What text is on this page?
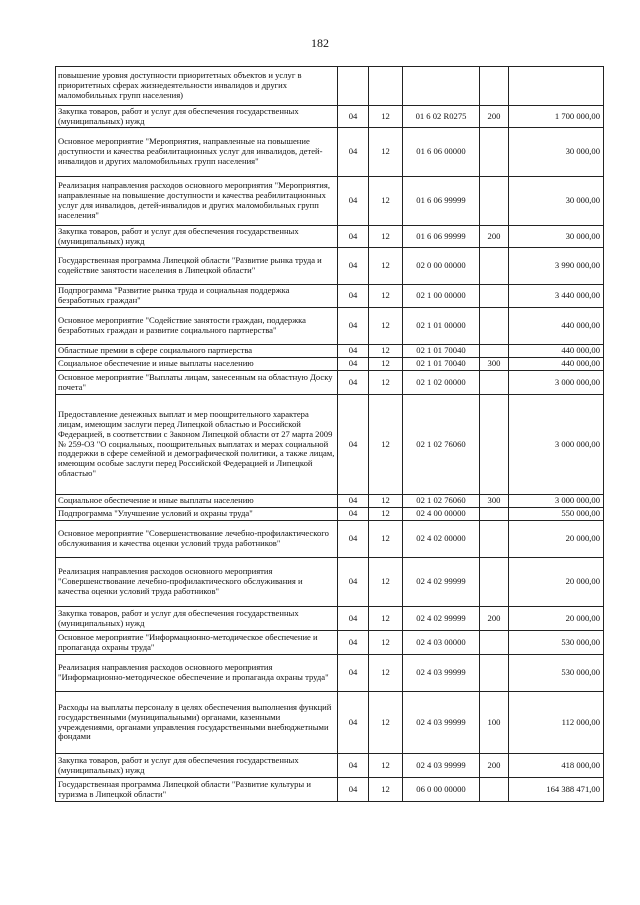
182
повышение уровня доступности приоритетных объектов и услуг в приоритетных сферах жизнедеятельности инвалидов и других маломобильных групп населения)					
Закупка товаров, работ и услуг для обеспечения государственных (муниципальных) нужд	04	12	01 6 02 R0275	200	1 700 000,00
Основное мероприятие "Мероприятия, направленные на повышение доступности и качества реабилитационных услуг для инвалидов, детей-инвалидов и других маломобильных групп населения"	04	12	01 6 06 00000		30 000,00
Реализация направления расходов основного мероприятия "Мероприятия, направленные на повышение доступности и качества реабилитационных услуг для инвалидов, детей-инвалидов и других маломобильных групп населения"	04	12	01 6 06 99999		30 000,00
Закупка товаров, работ и услуг для обеспечения государственных (муниципальных) нужд	04	12	01 6 06 99999	200	30 000,00
Государственная программа Липецкой области "Развитие рынка труда и содействие занятости населения в Липецкой области"	04	12	02 0 00 00000		3 990 000,00
Подпрограмма "Развитие рынка труда и социальная поддержка безработных граждан"	04	12	02 1 00 00000		3 440 000,00
Основное мероприятие "Содействие занятости граждан, поддержка безработных граждан и развитие социального партнерства"	04	12	02 1 01 00000		440 000,00
Областные премии в сфере социального партнерства	04	12	02 1 01 70040		440 000,00
Социальное обеспечение и иные выплаты населению	04	12	02 1 01 70040	300	440 000,00
Основное мероприятие "Выплаты лицам, занесенным на областную Доску почета"	04	12	02 1 02 00000		3 000 000,00
Предоставление денежных выплат и мер поощрительного характера лицам, имеющим заслуги перед Липецкой областью и Российской Федерацией, в соответствии с Законом Липецкой области от 27 марта 2009 № 259-ОЗ "О социальных, поощрительных выплатах и мерах социальной поддержки в сфере семейной и демографической политики, а также лицам, имеющим особые заслуги перед Российской Федерацией и Липецкой областью"	04	12	02 1 02 76060		3 000 000,00
Социальное обеспечение и иные выплаты населению	04	12	02 1 02 76060	300	3 000 000,00
Подпрограмма "Улучшение условий и охраны труда"	04	12	02 4 00 00000		550 000,00
Основное мероприятие "Совершенствование лечебно-профилактического обслуживания и качества оценки условий труда работников"	04	12	02 4 02 00000		20 000,00
Реализация направления расходов основного мероприятия "Совершенствование лечебно-профилактического обслуживания и качества оценки условий труда работников"	04	12	02 4 02 99999		20 000,00
Закупка товаров, работ и услуг для обеспечения государственных (муниципальных) нужд	04	12	02 4 02 99999	200	20 000,00
Основное мероприятие "Информационно-методическое обеспечение и пропаганда охраны труда"	04	12	02 4 03 00000		530 000,00
Реализация направления расходов основного мероприятия "Информационно-методическое обеспечение и пропаганда охраны труда"	04	12	02 4 03 99999		530 000,00
Расходы на выплаты персоналу в целях обеспечения выполнения функций государственными (муниципальными) органами, казенными учреждениями, органами управления государственными внебюджетными фондами	04	12	02 4 03 99999	100	112 000,00
Закупка товаров, работ и услуг для обеспечения государственных (муниципальных) нужд	04	12	02 4 03 99999	200	418 000,00
Государственная программа Липецкой области "Развитие культуры и туризма в Липецкой области"	04	12	06 0 00 00000		164 388 471,00
